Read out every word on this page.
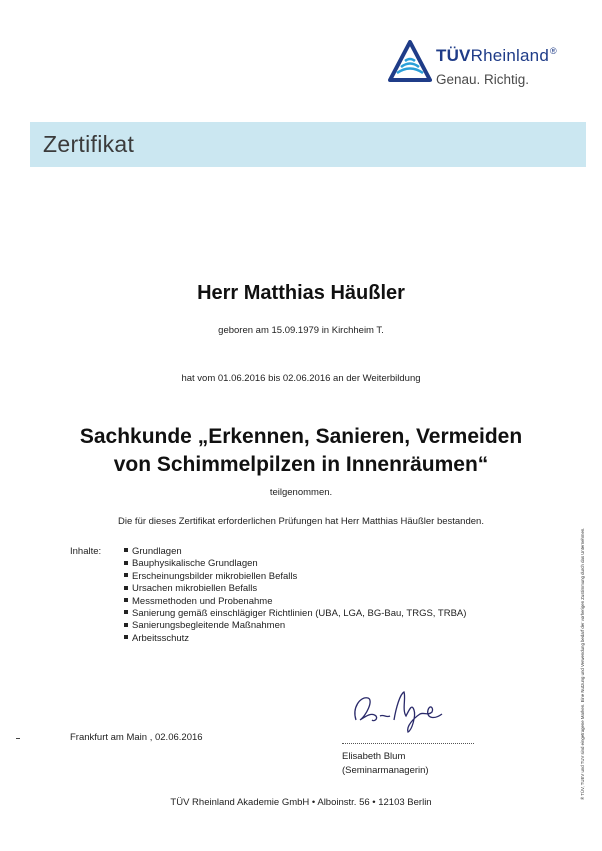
TÜVRheinland®
Genau. Richtig.
Zertifikat
Herr Matthias Häußler
geboren am 15.09.1979 in Kirchheim T.
hat vom 01.06.2016 bis 02.06.2016 an der Weiterbildung
Sachkunde „Erkennen, Sanieren, Vermeiden
von Schimmelpilzen in Innenräumen“
teilgenommen.
Die für dieses Zertifikat erforderlichen Prüfungen hat Herr Matthias Häußler bestanden.
Inhalte:	Grundlagen
Bauphysikalische Grundlagen
Erscheinungsbilder mikrobiellen Befalls
Ursachen mikrobiellen Befalls
Messmethoden und Probenahme
Sanierung gemäß einschlägiger Richtlinien (UBA, LGA, BG-Bau, TRGS, TRBA)
Sanierungsbegleitende Maßnahmen
Arbeitsschutz
Frankfurt am Main , 02.06.2016
Elisabeth Blum
(Seminarmanagerin)
TÜV Rheinland Akademie GmbH • Alboinstr. 56 • 12103 Berlin
® TÜV, TUEV und TUV sind eingetragene Marken. Eine Nutzung und Verwendung bedarf der vorherigen Zustimmung durch das Unternehmen.
